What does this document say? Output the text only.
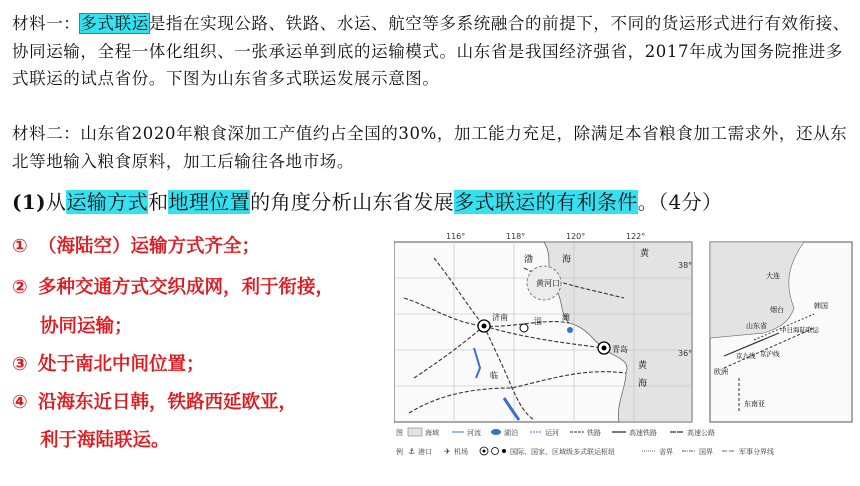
材料一：多式联运是指在实现公路、铁路、水运、航空等多系统融合的前提下，不同的货运形式进行有效衔接、协同运输，全程一体化组织、一张承运单到底的运输模式。山东省是我国经济强省，2017年成为国务院推进多式联运的试点省份。下图为山东省多式联运发展示意图。

材料二：山东省2020年粮食深加工产值约占全国的30%，加工能力充足，除满足本省粮食加工需求外，还从东北等地输入粮食原料，加工后输往各地市场。

(1)从运输方式和地理位置的角度分析山东省发展多式联运的有利条件。（4分）
① （海陆空）运输方式齐全；
② 多种交通方式交织成网，利于衔接，
协同运输；
③ 处于南北中间位置；
④ 沿海东近日韩，铁路西延欧亚，
利于海陆联运。
116°	118°	120°	122°
38°
36°
渤
黄河口
海
黄
济南	淄
青岛
潍
临
黄
海
大连
烟台	韩国
山东省 中日海陆联运
京九线 京沪线
东南亚
欧洲
图
例
海域	河流	湖泊	运河	铁路	高速铁路	高速公路
⚓ 港口 ✈ 机场	国际、国家、区域级多式联运枢纽	省界	国界	军事分界线
